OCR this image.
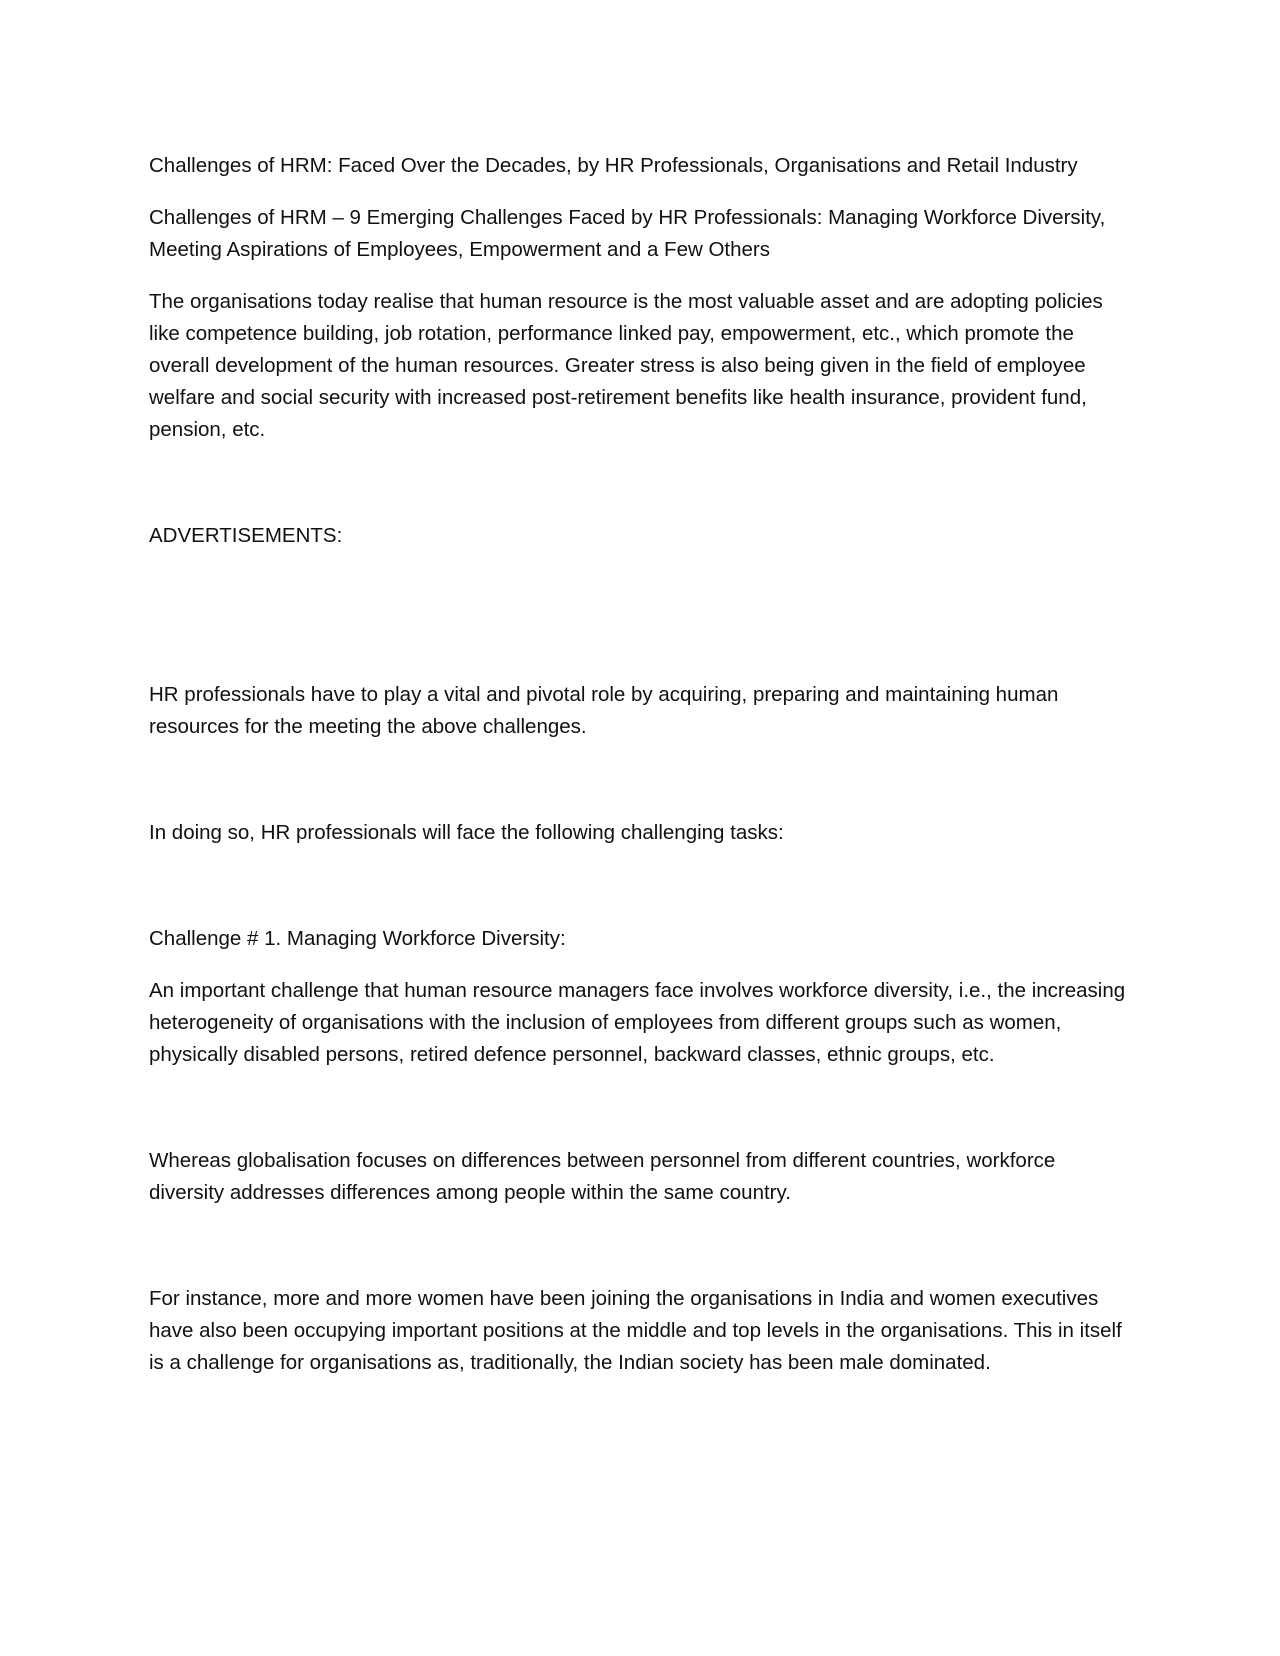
Challenges of HRM: Faced Over the Decades, by HR Professionals, Organisations and Retail Industry

Challenges of HRM – 9 Emerging Challenges Faced by HR Professionals: Managing Workforce Diversity, Meeting Aspirations of Employees, Empowerment and a Few Others

The organisations today realise that human resource is the most valuable asset and are adopting policies like competence building, job rotation, performance linked pay, empowerment, etc., which promote the overall development of the human resources. Greater stress is also being given in the field of employee welfare and social security with increased post-retirement benefits like health insurance, provident fund, pension, etc.

ADVERTISEMENTS:

HR professionals have to play a vital and pivotal role by acquiring, preparing and maintaining human resources for the meeting the above challenges.

In doing so, HR professionals will face the following challenging tasks:

Challenge # 1. Managing Workforce Diversity:

An important challenge that human resource managers face involves workforce diversity, i.e., the increasing heterogeneity of organisations with the inclusion of employees from different groups such as women, physically disabled persons, retired defence personnel, backward classes, ethnic groups, etc.

Whereas globalisation focuses on differences between personnel from different countries, workforce diversity addresses differences among people within the same country.

For instance, more and more women have been joining the organisations in India and women executives have also been occupying important positions at the middle and top levels in the organisations. This in itself is a challenge for organisations as, traditionally, the Indian society has been male dominated.
